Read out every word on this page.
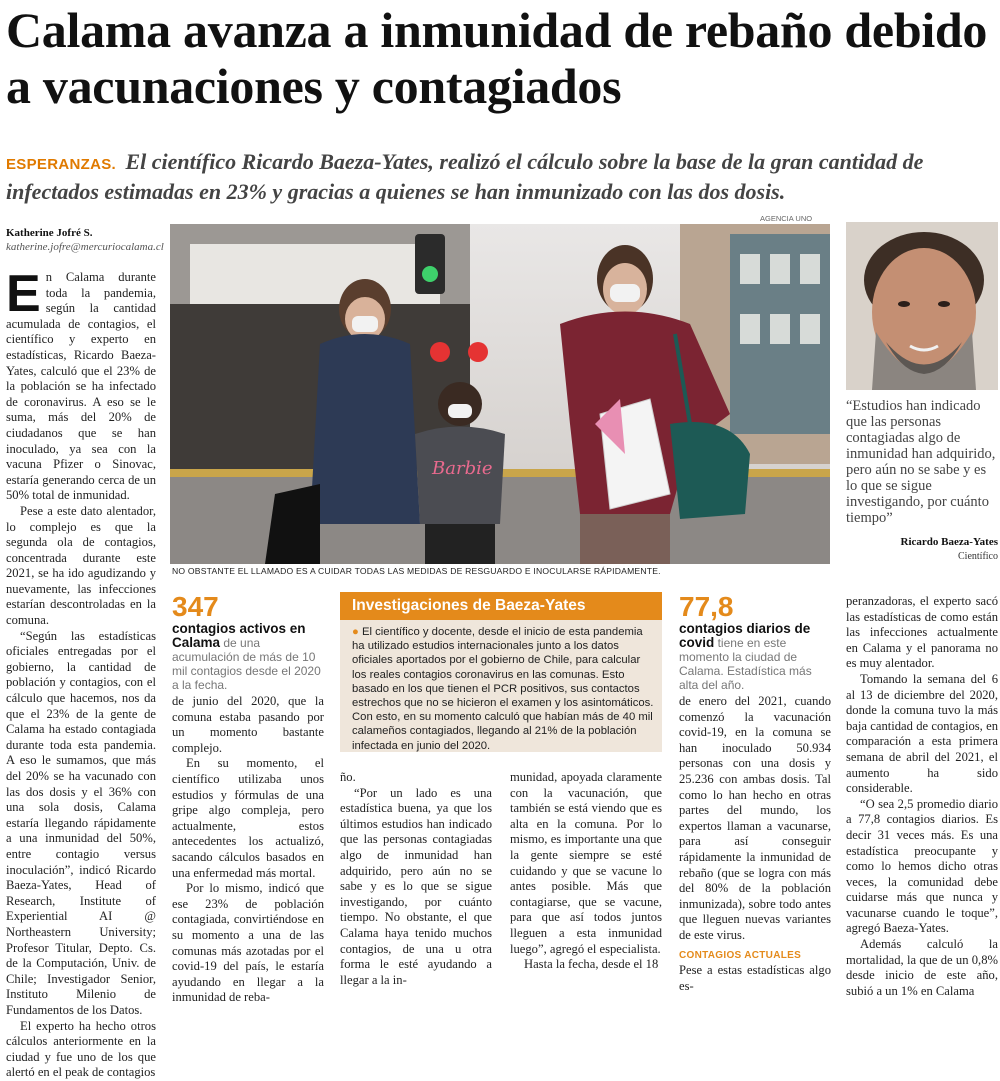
Calama avanza a inmunidad de rebaño debido a vacunaciones y contagiados
ESPERANZAS. El científico Ricardo Baeza-Yates, realizó el cálculo sobre la base de la gran cantidad de infectados estimadas en 23% y gracias a quienes se han inmunizado con las dos dosis.
Katherine Jofré S.
katherine.jofre@mercuriocalama.cl

En Calama durante toda la pandemia, según la cantidad acumulada de contagios, el científico y experto en estadísticas, Ricardo Baeza-Yates, calculó que el 23% de la población se ha infectado de coronavirus. A eso se le suma, más del 20% de ciudadanos que se han inoculado, ya sea con la vacuna Pfizer o Sinovac, estaría generando cerca de un 50% total de inmunidad.

Pese a este dato alentador, lo complejo es que la segunda ola de contagios, concentrada durante este 2021, se ha ido agudizando y nuevamente, las infecciones estarían descontroladas en la comuna.

“Según las estadísticas oficiales entregadas por el gobierno, la cantidad de población y contagios, con el cálculo que hacemos, nos da que el 23% de la gente de Calama ha estado contagiada durante toda esta pandemia. A eso le sumamos, que más del 20% se ha vacunado con las dos dosis y el 36% con una sola dosis, Calama estaría llegando rápidamente a una inmunidad del 50%, entre contagio versus inoculación”, indicó Ricardo Baeza-Yates, Head of Research, Institute of Experiential AI @ Northeastern University; Profesor Titular, Depto. Cs. de la Computación, Univ. de Chile; Investigador Senior, Instituto Milenio de Fundamentos de los Datos.

El experto ha hecho otros cálculos anteriormente en la ciudad y fue uno de los que alertó en el peak de contagios

AGENCIA UNO
Barbie
NO OBSTANTE EL LLAMADO ES A CUIDAR TODAS LAS MEDIDAS DE RESGUARDO E INOCULARSE RÁPIDAMENTE.
“Estudios han indicado que las personas contagiadas algo de inmunidad han adquirido, pero aún no se sabe y es lo que se sigue investigando, por cuánto tiempo”
Ricardo Baeza-Yates
Científico
347
contagios activos en Calama de una acumulación de más de 10 mil contagios desde el 2020 a la fecha.
Investigaciones de Baeza-Yates
● El científico y docente, desde el inicio de esta pandemia ha utilizado estudios internacionales junto a los datos oficiales aportados por el gobierno de Chile, para calcular los reales contagios coronavirus en las comunas. Esto basado en los que tienen el PCR positivos, sus contactos estrechos que no se hicieron el examen y los asintomáticos. Con esto, en su momento calculó que habían más de 40 mil calameños contagiados, llegando al 21% de la población infectada en junio del 2020.
77,8
contagios diarios de covid tiene en este momento la ciudad de Calama. Estadística más alta del año.

de junio del 2020, que la comuna estaba pasando por un momento bastante complejo.

En su momento, el científico utilizaba unos estudios y fórmulas de una gripe algo compleja, pero actualmente, estos antecedentes los actualizó, sacando cálculos basados en una enfermedad más mortal.

Por lo mismo, indicó que ese 23% de población contagiada, convirtiéndose en su momento a una de las comunas más azotadas por el covid-19 del país, le estaría ayudando en llegar a la inmunidad de reba-

ño.

“Por un lado es una estadística buena, ya que los últimos estudios han indicado que las personas contagiadas algo de inmunidad han adquirido, pero aún no se sabe y es lo que se sigue investigando, por cuánto tiempo. No obstante, el que Calama haya tenido muchos contagios, de una u otra forma le esté ayudando a llegar a la in-

munidad, apoyada claramente con la vacunación, que también se está viendo que es alta en la comuna. Por lo mismo, es importante una que la gente siempre se esté cuidando y que se vacune lo antes posible. Más que contagiarse, que se vacune, para que así todos juntos lleguen a esta inmunidad luego”, agregó el especialista.

Hasta la fecha, desde el 18

de enero del 2021, cuando comenzó la vacunación covid-19, en la comuna se han inoculado 50.934 personas con una dosis y 25.236 con ambas dosis. Tal como lo han hecho en otras partes del mundo, los expertos llaman a vacunarse, para así conseguir rápidamente la inmunidad de rebaño (que se logra con más del 80% de la población inmunizada), sobre todo antes que lleguen nuevas variantes de este virus.

CONTAGIOS ACTUALES

Pese a estas estadísticas algo es-

peranzadoras, el experto sacó las estadísticas de como están las infecciones actualmente en Calama y el panorama no es muy alentador.

Tomando la semana del 6 al 13 de diciembre del 2020, donde la comuna tuvo la más baja cantidad de contagios, en comparación a esta primera semana de abril del 2021, el aumento ha sido considerable.

“O sea 2,5 promedio diario a 77,8 contagios diarios. Es decir 31 veces más. Es una estadística preocupante y como lo hemos dicho otras veces, la comunidad debe cuidarse más que nunca y vacunarse cuando le toque”, agregó Baeza-Yates.

Además calculó la mortalidad, la que de un 0,8% desde inicio de este año, subió a un 1% en Calama
